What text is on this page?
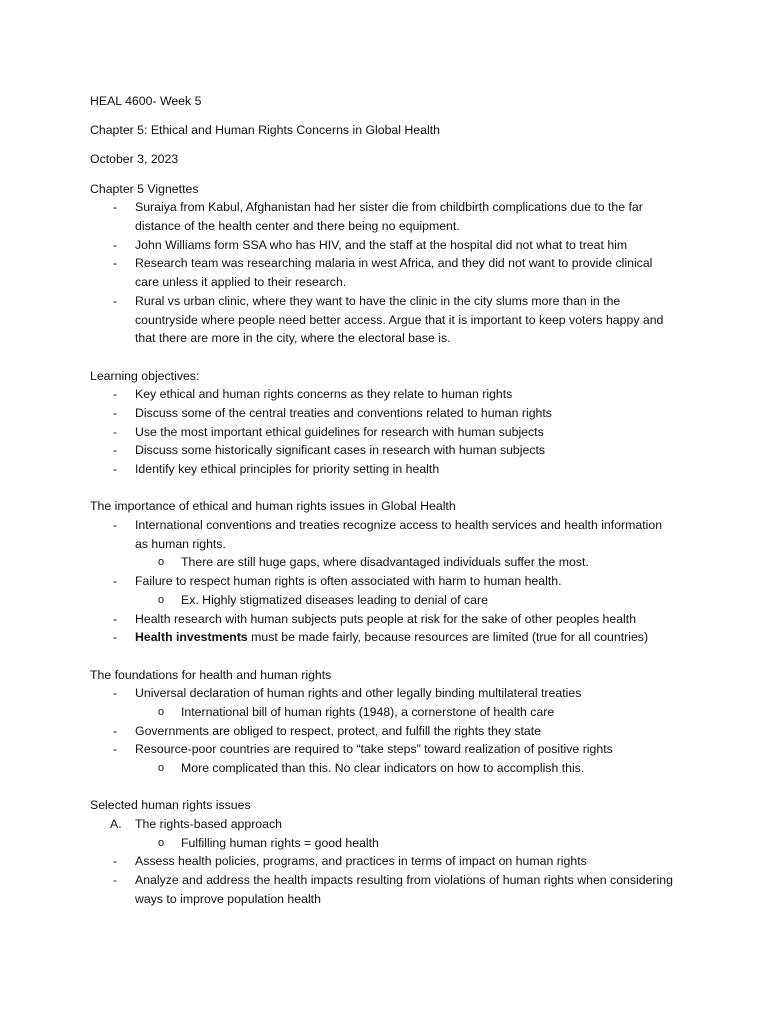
HEAL 4600- Week 5

Chapter 5: Ethical and Human Rights Concerns in Global Health

October 3, 2023

Chapter 5 Vignettes

- Suraiya from Kabul, Afghanistan had her sister die from childbirth complications due to the far distance of the health center and there being no equipment.
- John Williams form SSA who has HIV, and the staff at the hospital did not what to treat him
- Research team was researching malaria in west Africa, and they did not want to provide clinical care unless it applied to their research.
- Rural vs urban clinic, where they want to have the clinic in the city slums more than in the countryside where people need better access. Argue that it is important to keep voters happy and that there are more in the city, where the electoral base is.

Learning objectives:

- Key ethical and human rights concerns as they relate to human rights
- Discuss some of the central treaties and conventions related to human rights
- Use the most important ethical guidelines for research with human subjects
- Discuss some historically significant cases in research with human subjects
- Identify key ethical principles for priority setting in health

The importance of ethical and human rights issues in Global Health

- International conventions and treaties recognize access to health services and health information as human rights.
o There are still huge gaps, where disadvantaged individuals suffer the most.
- Failure to respect human rights is often associated with harm to human health.
o Ex. Highly stigmatized diseases leading to denial of care
- Health research with human subjects puts people at risk for the sake of other peoples health
- Health investments must be made fairly, because resources are limited (true for all countries)

The foundations for health and human rights

- Universal declaration of human rights and other legally binding multilateral treaties
o International bill of human rights (1948), a cornerstone of health care
- Governments are obliged to respect, protect, and fulfill the rights they state
- Resource-poor countries are required to “take steps” toward realization of positive rights
o More complicated than this. No clear indicators on how to accomplish this.

Selected human rights issues

A. The rights-based approach
o Fulfilling human rights = good health
- Assess health policies, programs, and practices in terms of impact on human rights
- Analyze and address the health impacts resulting from violations of human rights when considering ways to improve population health
